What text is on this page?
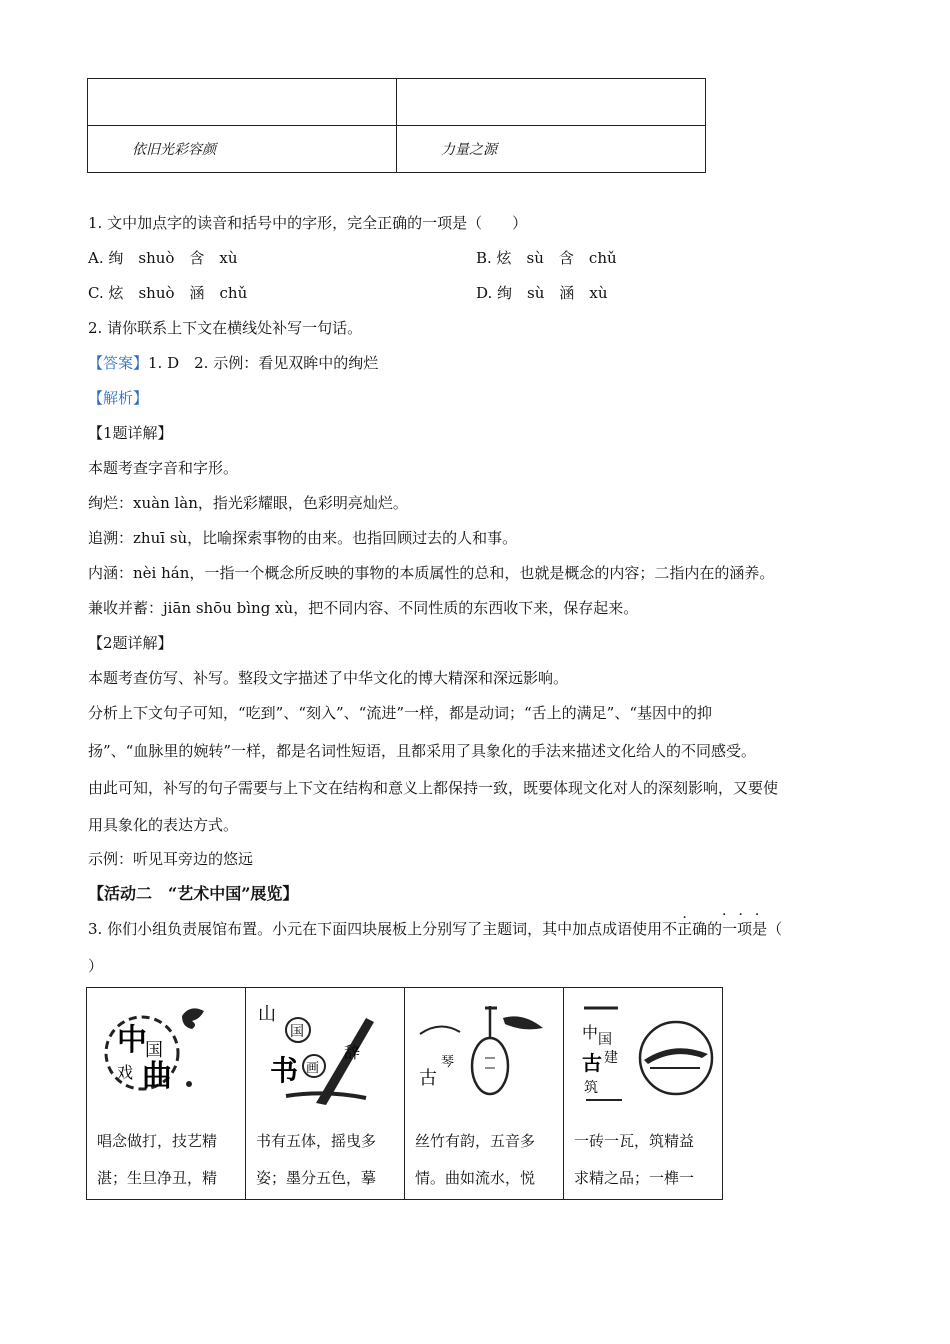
依旧光彩容颜	力量之源
1. 文中加点字的读音和括号中的字形，完全正确的一项是（　　）
A. 绚　shuò　含　xù	B. 炫　sù　含　chǔ
C. 炫　shuò　涵　chǔ	D. 绚　sù　涵　xù
2. 请你联系上下文在横线处补写一句话。
【答案】1. D　2. 示例：看见双眸中的绚烂
【解析】
【1题详解】
本题考查字音和字形。
绚烂：xuàn làn，指光彩耀眼，色彩明亮灿烂。
追溯：zhuī sù，比喻探索事物的由来。也指回顾过去的人和事。
内涵：nèi hán，一指一个概念所反映的事物的本质属性的总和，也就是概念的内容；二指内在的涵养。
兼收并蓄：jiān shōu bìng xù，把不同内容、不同性质的东西收下来，保存起来。
【2题详解】
本题考查仿写、补写。整段文字描述了中华文化的博大精深和深远影响。
分析上下文句子可知，“吃到”、“刻入”、“流进”一样，都是动词；“舌上的满足”、“基因中的抑
扬”、“血脉里的婉转”一样，都是名词性短语，且都采用了具象化的手法来描述文化给人的不同感受。
由此可知，补写的句子需要与上下文在结构和意义上都保持一致，既要体现文化对人的深刻影响，又要使
用具象化的表达方式。
示例：听见耳旁边的悠远
【活动二　“艺术中国”展览】
3. 你们小组负责展馆布置。小元在下面四块展板上分别写了主题词，其中加点成语使用不正确的一项是（
···
）
中
国
戏 曲
唱念做打，技艺精
湛；生旦净丑，精

山
国
书 画
辞
书有五体，摇曳多
姿；墨分五色，摹

古
琴
丝竹有韵，五音多
情。曲如流水，悦

中 国
古 建
筑
一砖一瓦，筑精益
求精之品；一榫一
